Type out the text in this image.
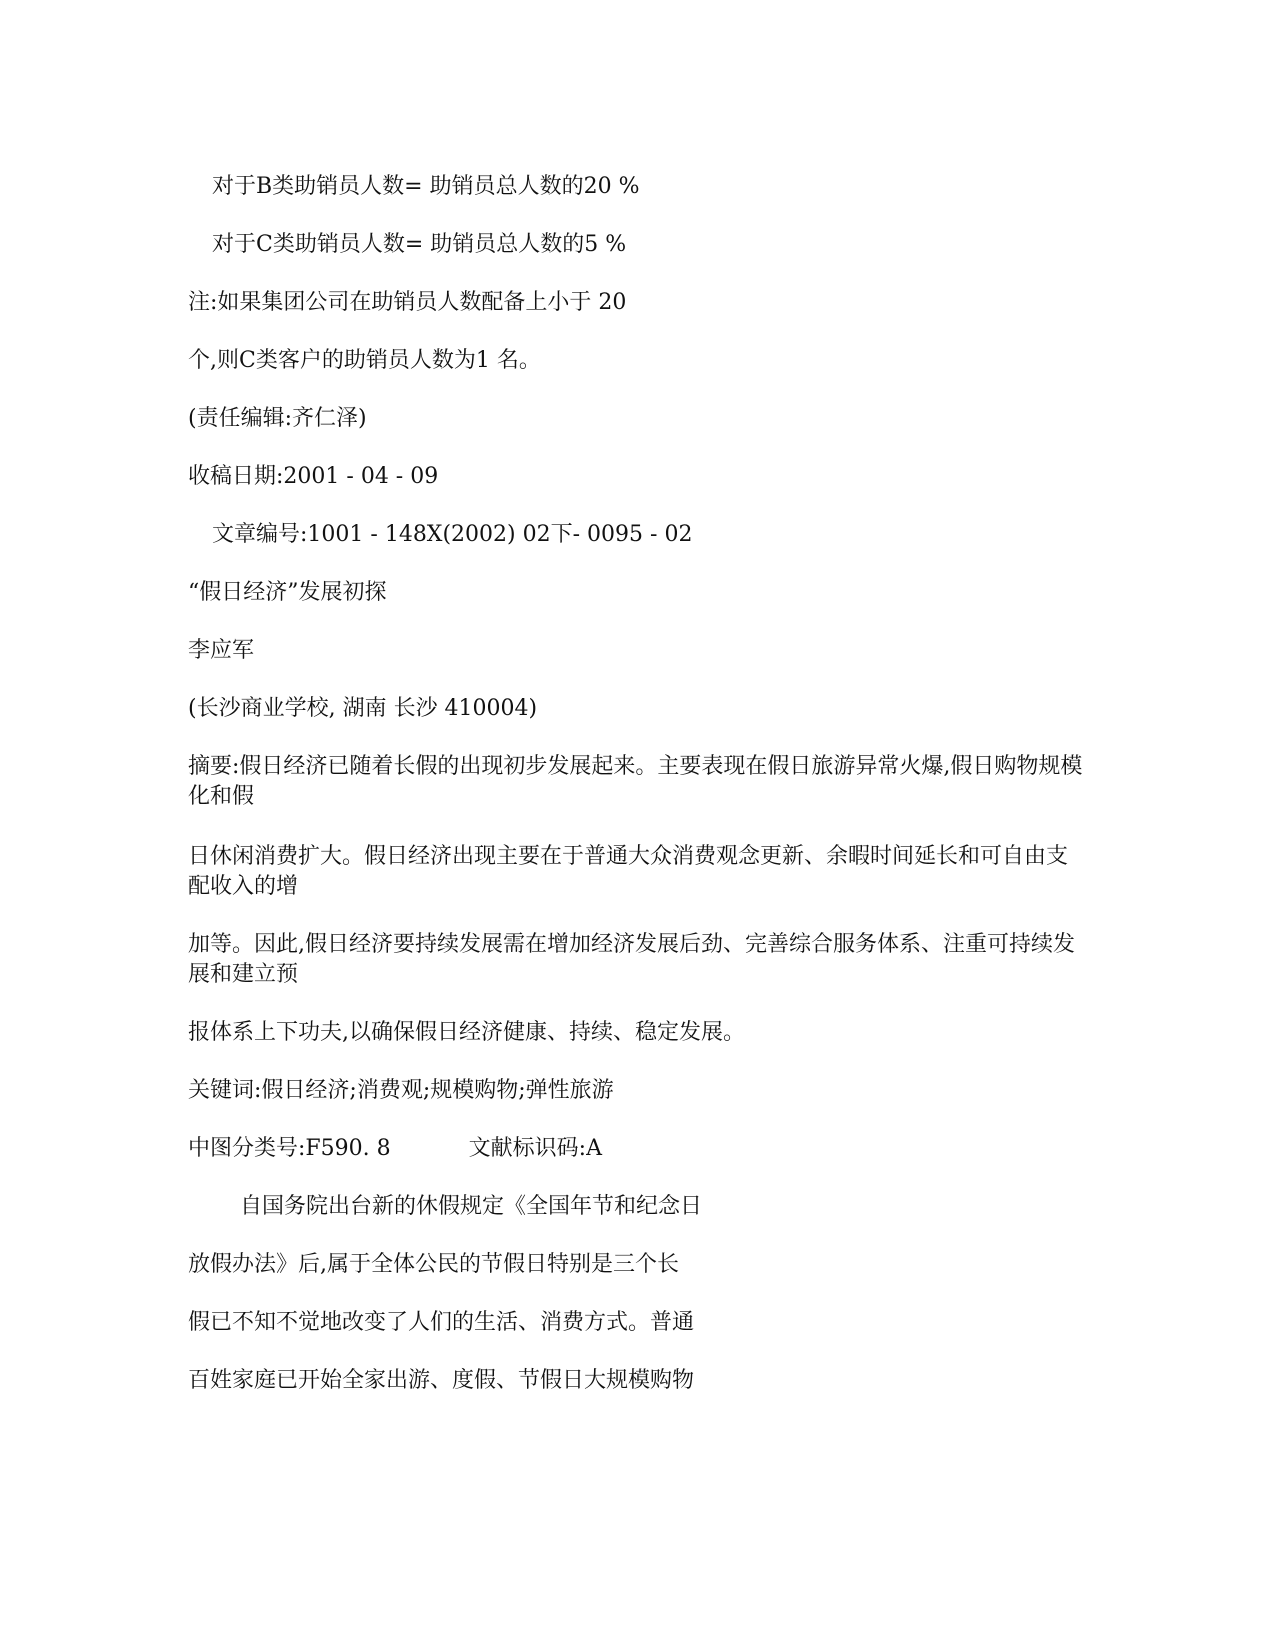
对于B类助销员人数= 助销员总人数的20 %
对于C类助销员人数= 助销员总人数的5 %
注:如果集团公司在助销员人数配备上小于 20
个,则C类客户的助销员人数为1 名。
(责任编辑:齐仁泽)
收稿日期:2001 - 04 - 09
文章编号:1001 - 148X(2002) 02下- 0095 - 02
“假日经济”发展初探
李应军
(长沙商业学校, 湖南 长沙 410004)
摘要:假日经济已随着长假的出现初步发展起来。主要表现在假日旅游异常火爆,假日购物规模化和假
日休闲消费扩大。假日经济出现主要在于普通大众消费观念更新、余暇时间延长和可自由支配收入的增
加等。因此,假日经济要持续发展需在增加经济发展后劲、完善综合服务体系、注重可持续发展和建立预
报体系上下功夫,以确保假日经济健康、持续、稳定发展。
关键词:假日经济;消费观;规模购物;弹性旅游
中图分类号:F590. 8	文献标识码:A
自国务院出台新的休假规定《全国年节和纪念日
放假办法》后,属于全体公民的节假日特别是三个长
假已不知不觉地改变了人们的生活、消费方式。普通
百姓家庭已开始全家出游、度假、节假日大规模购物
